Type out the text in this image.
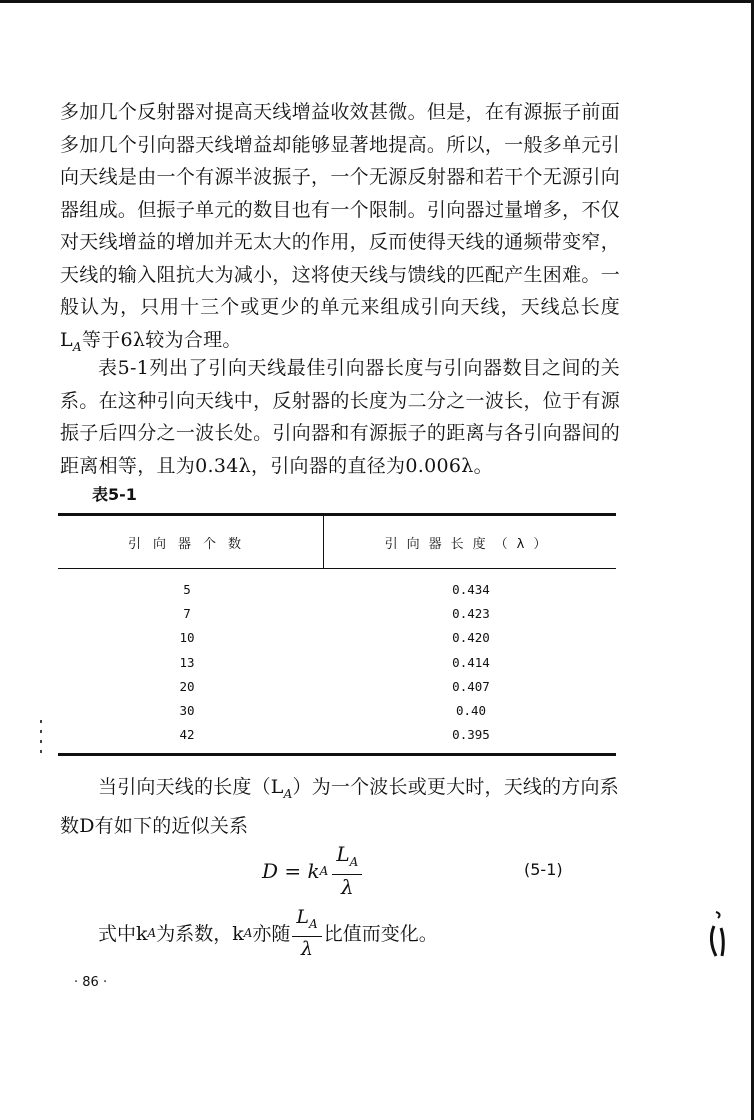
多加几个反射器对提高天线增益收效甚微。但是，在有源振子前面多加几个引向器天线增益却能够显著地提高。所以，一般多单元引向天线是由一个有源半波振子，一个无源反射器和若干个无源引向器组成。但振子单元的数目也有一个限制。引向器过量增多，不仅对天线增益的增加并无太大的作用，反而使得天线的通频带变窄，天线的输入阻抗大为减小，这将使天线与馈线的匹配产生困难。一般认为，只用十三个或更少的单元来组成引向天线，天线总长度$L_A$等于6λ较为合理。

表5-1列出了引向天线最佳引向器长度与引向器数目之间的关系。在这种引向天线中，反射器的长度为二分之一波长，位于有源振子后四分之一波长处。引向器和有源振子的距离与各引向器间的距离相等，且为0.34λ，引向器的直径为0.006λ。

表5-1
引向器个数	引向器长度（λ）
5	0.434
7	0.423
10	0.420
13	0.414
20	0.407
30	0.40
42	0.395

当引向天线的长度$(L_A)$为一个波长或更大时，天线的方向系数D有如下的近似关系

D = k A $\frac{L_A}{\lambda}$	(5-1)
式中k A 为系数，k A 亦随 $\frac{L_A}{\lambda}$ 比值而变化。
· 86 ·
